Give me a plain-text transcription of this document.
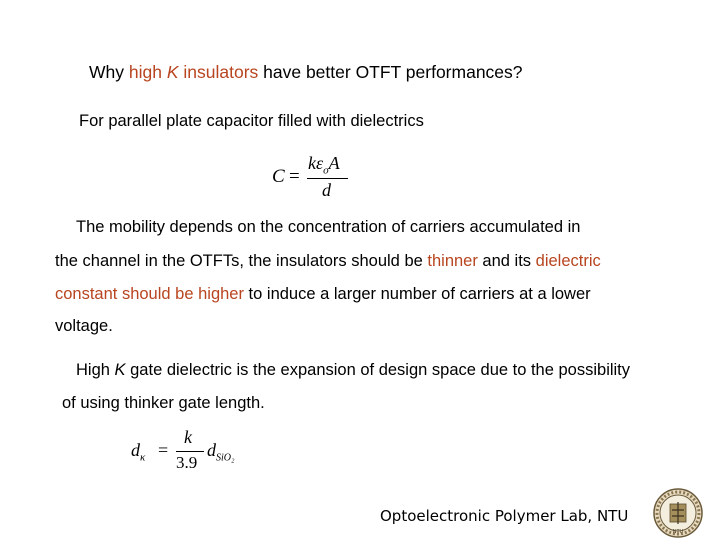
Why high K insulators have better OTFT performances?
For parallel plate capacitor filled with dielectrics
C =
$k\varepsilon_oA$
d
The mobility depends on the concentration of carriers accumulated in
the channel in the OTFTs, the insulators should be thinner and its dielectric
constant should be higher to induce a larger number of carriers at a lower
voltage.
High K gate dielectric is the expansion of design space due to the possibility
of using thinker gate length.
$d_\kappa$ =
k
3.9
$d_{SiO_2}$
Optoelectronic Polymer Lab, NTU
NTU
